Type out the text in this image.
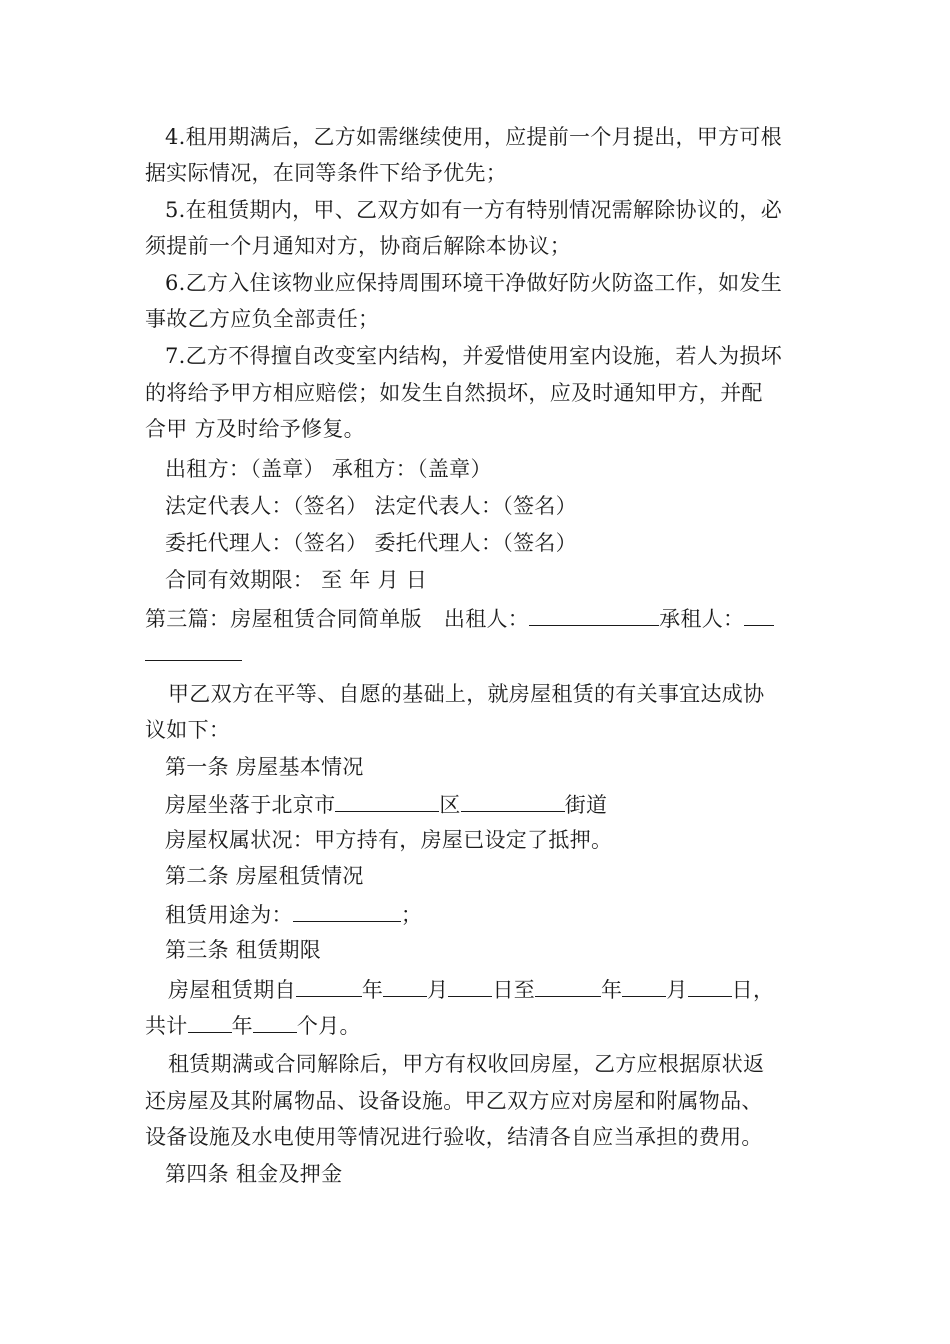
4.租用期满后，乙方如需继续使用，应提前一个月提出，甲方可根
据实际情况，在同等条件下给予优先；
5.在租赁期内，甲、乙双方如有一方有特别情况需解除协议的，必
须提前一个月通知对方，协商后解除本协议；
6.乙方入住该物业应保持周围环境干净做好防火防盗工作，如发生
事故乙方应负全部责任；
7.乙方不得擅自改变室内结构，并爱惜使用室内设施，若人为损坏
的将给予甲方相应赔偿；如发生自然损坏，应及时通知甲方，并配
合甲 方及时给予修复。
出租方：（盖章） 承租方：（盖章）
法定代表人：（签名） 法定代表人：（签名）
委托代理人：（签名） 委托代理人：（签名）
合同有效期限： 至 年 月 日
第三篇：房屋租赁合同简单版 出租人：	承租人：
甲乙双方在平等、自愿的基础上，就房屋租赁的有关事宜达成协
议如下：
第一条 房屋基本情况
房屋坐落于北京市	区	街道
房屋权属状况：甲方持有，房屋已设定了抵押。
第二条 房屋租赁情况
租赁用途为：	；
第三条 租赁期限
房屋租赁期自	年 月 日至	年 月 日，
共计 年 个月。
租赁期满或合同解除后，甲方有权收回房屋，乙方应根据原状返
还房屋及其附属物品、设备设施。甲乙双方应对房屋和附属物品、
设备设施及水电使用等情况进行验收，结清各自应当承担的费用。
第四条 租金及押金
